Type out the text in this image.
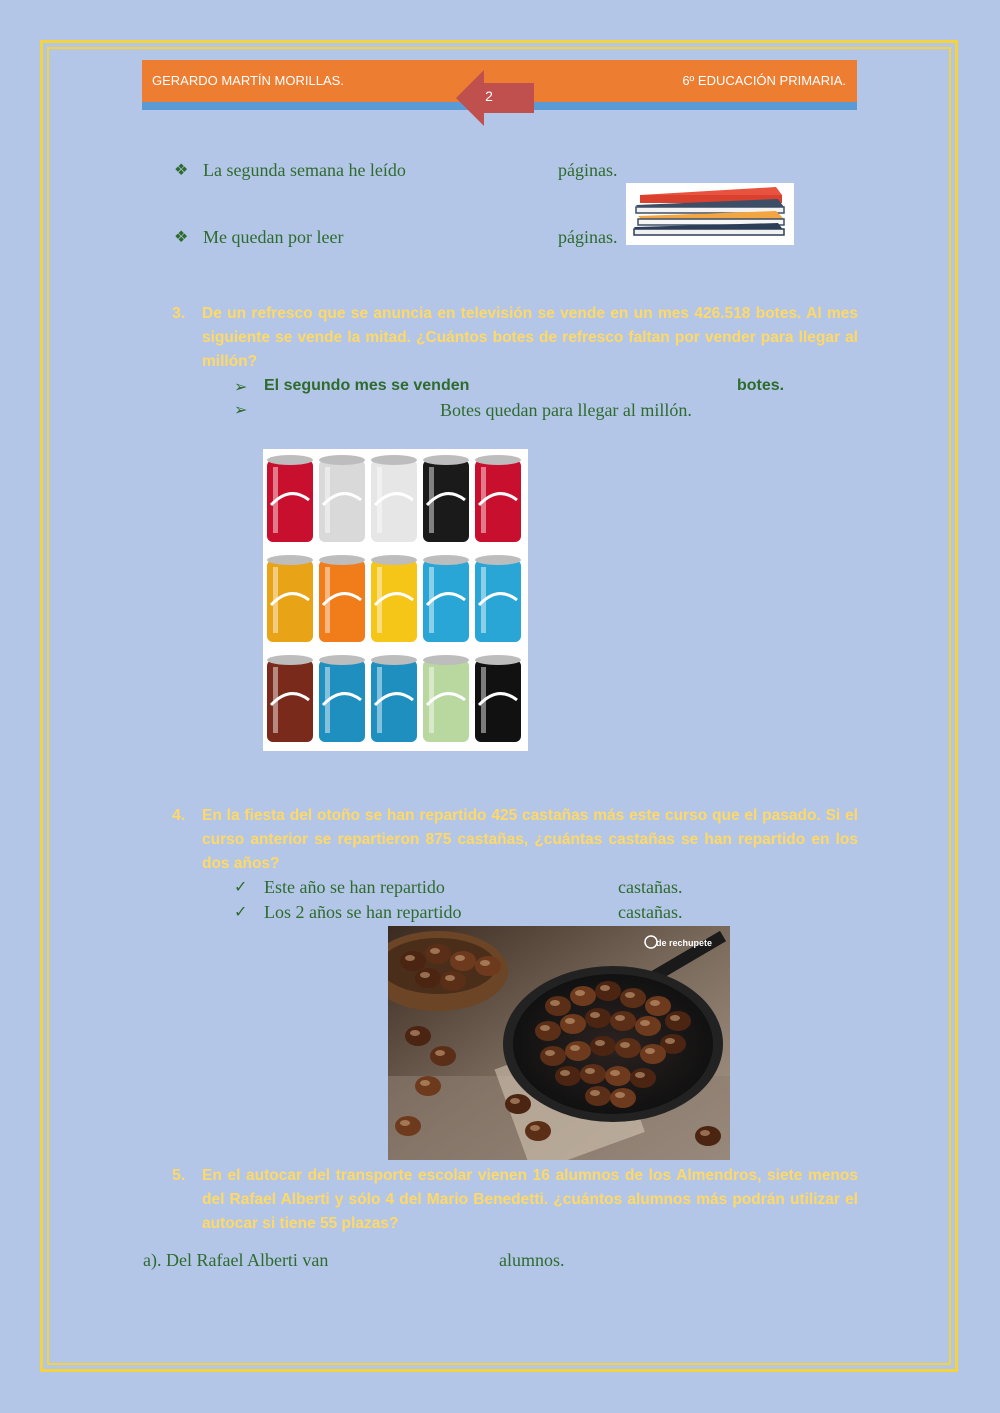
GERARDO MARTÍN MORILLAS.	6º EDUCACIÓN PRIMARIA.
2
❖ La segunda semana he leído	páginas.
❖ Me quedan por leer	páginas.
3. De un refresco que se anuncia en televisión se vende en un mes 426.518 botes. Al mes siguiente se vende la mitad. ¿Cuántos botes de refresco faltan por vender para llegar al millón?
➢ El segundo mes se venden	botes.
➢	Botes quedan para llegar al millón.
4. En la fiesta del otoño se han repartido 425 castañas más este curso que el pasado. Si el curso anterior se repartieron 875 castañas, ¿cuántas castañas se han repartido en los dos años?
✓ Este año se han repartido	castañas.
✓ Los 2 años se han repartido	castañas.
de rechupete
5. En el autocar del transporte escolar vienen 16 alumnos de los Almendros, siete menos del Rafael Alberti y sólo 4 del Mario Benedetti. ¿cuántos alumnos más podrán utilizar el autocar si tiene 55 plazas?
a). Del Rafael Alberti van	alumnos.
